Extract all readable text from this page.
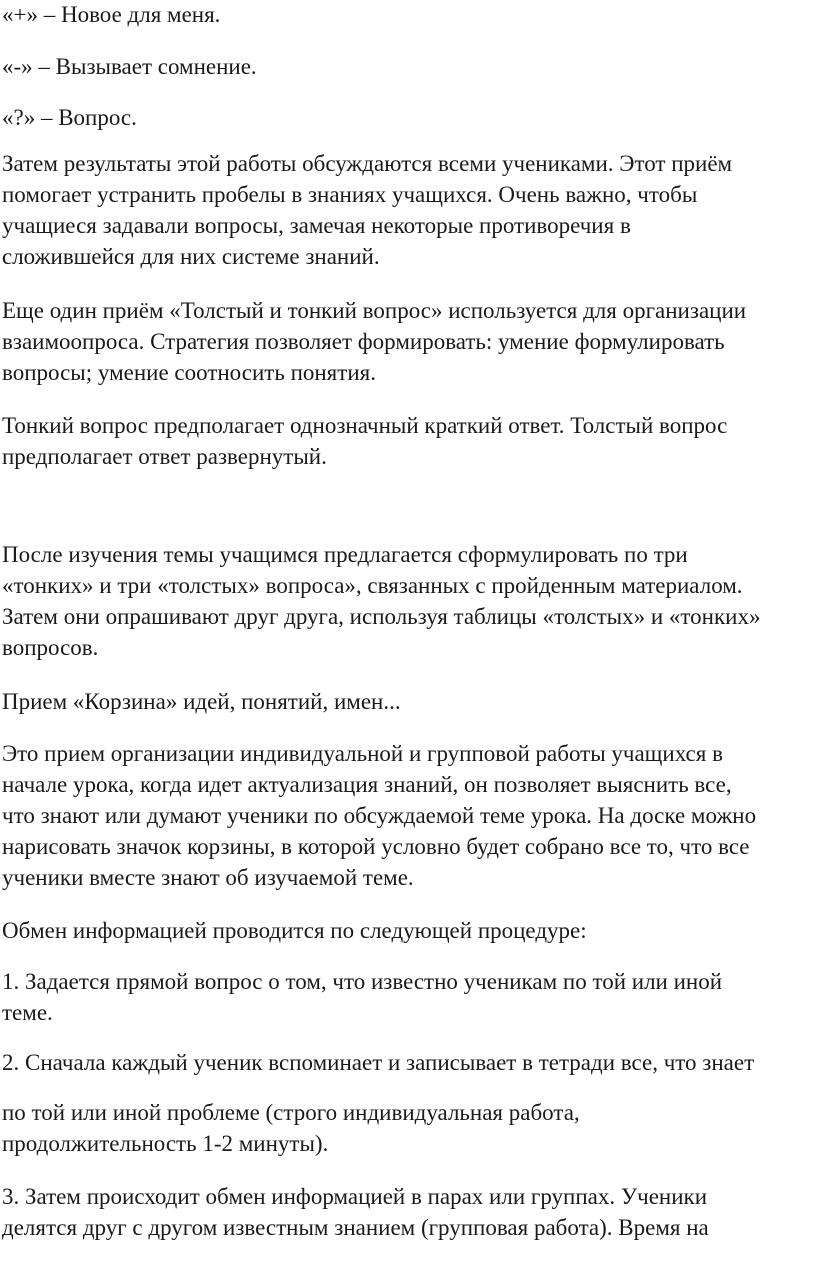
«+» – Новое для меня.

«-» – Вызывает сомнение.

«?» – Вопрос.

Затем результаты этой работы обсуждаются всеми учениками. Этот приём
помогает устранить пробелы в знаниях учащихся. Очень важно, чтобы
учащиеся задавали вопросы, замечая некоторые противоречия в
сложившейся для них системе знаний.

Еще один приём «Толстый и тонкий вопрос» используется для организации
взаимоопроса. Стратегия позволяет формировать: умение формулировать
вопросы; умение соотносить понятия.

Тонкий вопрос предполагает однозначный краткий ответ. Толстый вопрос
предполагает ответ развернутый.

После изучения темы учащимся предлагается сформулировать по три
«тонких» и три «толстых» вопроса», связанных с пройденным материалом.
Затем они опрашивают друг друга, используя таблицы «толстых» и «тонких»
вопросов.

Прием «Корзина» идей, понятий, имен...

Это прием организации индивидуальной и групповой работы учащихся в
начале урока, когда идет актуализация знаний, он позволяет выяснить все,
что знают или думают ученики по обсуждаемой теме урока. На доске можно
нарисовать значок корзины, в которой условно будет собрано все то, что все
ученики вместе знают об изучаемой теме.

Обмен информацией проводится по следующей процедуре:

1. Задается прямой вопрос о том, что известно ученикам по той или иной
теме.

2. Сначала каждый ученик вспоминает и записывает в тетради все, что знает

по той или иной проблеме (строго индивидуальная работа,
продолжительность 1-2 минуты).

3. Затем происходит обмен информацией в парах или группах. Ученики
делятся друг с другом известным знанием (групповая работа). Время на
